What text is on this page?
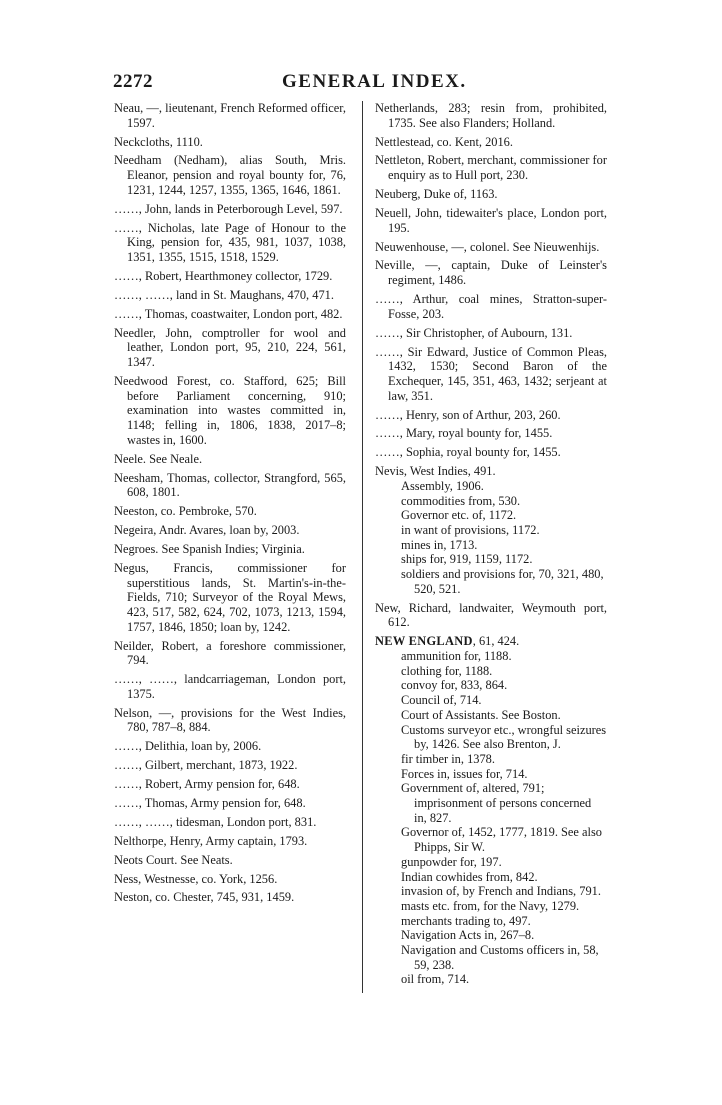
2272	GENERAL INDEX.

Neau, —, lieutenant, French Reformed officer, 1597.

Neckcloths, 1110.

Needham (Nedham), alias South, Mris. Eleanor, pension and royal bounty for, 76, 1231, 1244, 1257, 1355, 1365, 1646, 1861.

……, John, lands in Peterborough Level, 597.

……, Nicholas, late Page of Honour to the King, pension for, 435, 981, 1037, 1038, 1351, 1355, 1515, 1518, 1529.

……, Robert, Hearthmoney collector, 1729.

……, ……, land in St. Maughans, 470, 471.

……, Thomas, coastwaiter, London port, 482.

Needler, John, comptroller for wool and leather, London port, 95, 210, 224, 561, 1347.

Needwood Forest, co. Stafford, 625; Bill before Parliament concerning, 910; examination into wastes committed in, 1148; felling in, 1806, 1838, 2017–8; wastes in, 1600.

Neele. See Neale.

Neesham, Thomas, collector, Strangford, 565, 608, 1801.

Neeston, co. Pembroke, 570.

Negeira, Andr. Avares, loan by, 2003.

Negroes. See Spanish Indies; Virginia.

Negus, Francis, commissioner for superstitious lands, St. Martin's-in-the-Fields, 710; Surveyor of the Royal Mews, 423, 517, 582, 624, 702, 1073, 1213, 1594, 1757, 1846, 1850; loan by, 1242.

Neilder, Robert, a foreshore commissioner, 794.

……, ……, landcarriageman, London port, 1375.

Nelson, —, provisions for the West Indies, 780, 787–8, 884.

……, Delithia, loan by, 2006.

……, Gilbert, merchant, 1873, 1922.

……, Robert, Army pension for, 648.

……, Thomas, Army pension for, 648.

……, ……, tidesman, London port, 831.

Nelthorpe, Henry, Army captain, 1793.

Neots Court. See Neats.

Ness, Westnesse, co. York, 1256.

Neston, co. Chester, 745, 931, 1459.

Netherlands, 283; resin from, prohibited, 1735. See also Flanders; Holland.

Nettlestead, co. Kent, 2016.

Nettleton, Robert, merchant, commissioner for enquiry as to Hull port, 230.

Neuberg, Duke of, 1163.

Neuell, John, tidewaiter's place, London port, 195.

Neuwenhouse, —, colonel. See Nieuwenhijs.

Neville, —, captain, Duke of Leinster's regiment, 1486.

……, Arthur, coal mines, Stratton-super-Fosse, 203.

……, Sir Christopher, of Aubourn, 131.

……, Sir Edward, Justice of Common Pleas, 1432, 1530; Second Baron of the Exchequer, 145, 351, 463, 1432; serjeant at law, 351.

……, Henry, son of Arthur, 203, 260.

……, Mary, royal bounty for, 1455.

……, Sophia, royal bounty for, 1455.

Nevis, West Indies, 491.
Assembly, 1906.
commodities from, 530.
Governor etc. of, 1172.
in want of provisions, 1172.
mines in, 1713.
ships for, 919, 1159, 1172.
soldiers and provisions for, 70, 321, 480, 520, 521.

New, Richard, landwaiter, Weymouth port, 612.

NEW ENGLAND, 61, 424.
ammunition for, 1188.
clothing for, 1188.
convoy for, 833, 864.
Council of, 714.
Court of Assistants. See Boston.
Customs surveyor etc., wrongful seizures by, 1426. See also Brenton, J.
fir timber in, 1378.
Forces in, issues for, 714.
Government of, altered, 791; imprisonment of persons concerned in, 827.
Governor of, 1452, 1777, 1819. See also Phipps, Sir W.
gunpowder for, 197.
Indian cowhides from, 842.
invasion of, by French and Indians, 791.
masts etc. from, for the Navy, 1279.
merchants trading to, 497.
Navigation Acts in, 267–8.
Navigation and Customs officers in, 58, 59, 238.
oil from, 714.
